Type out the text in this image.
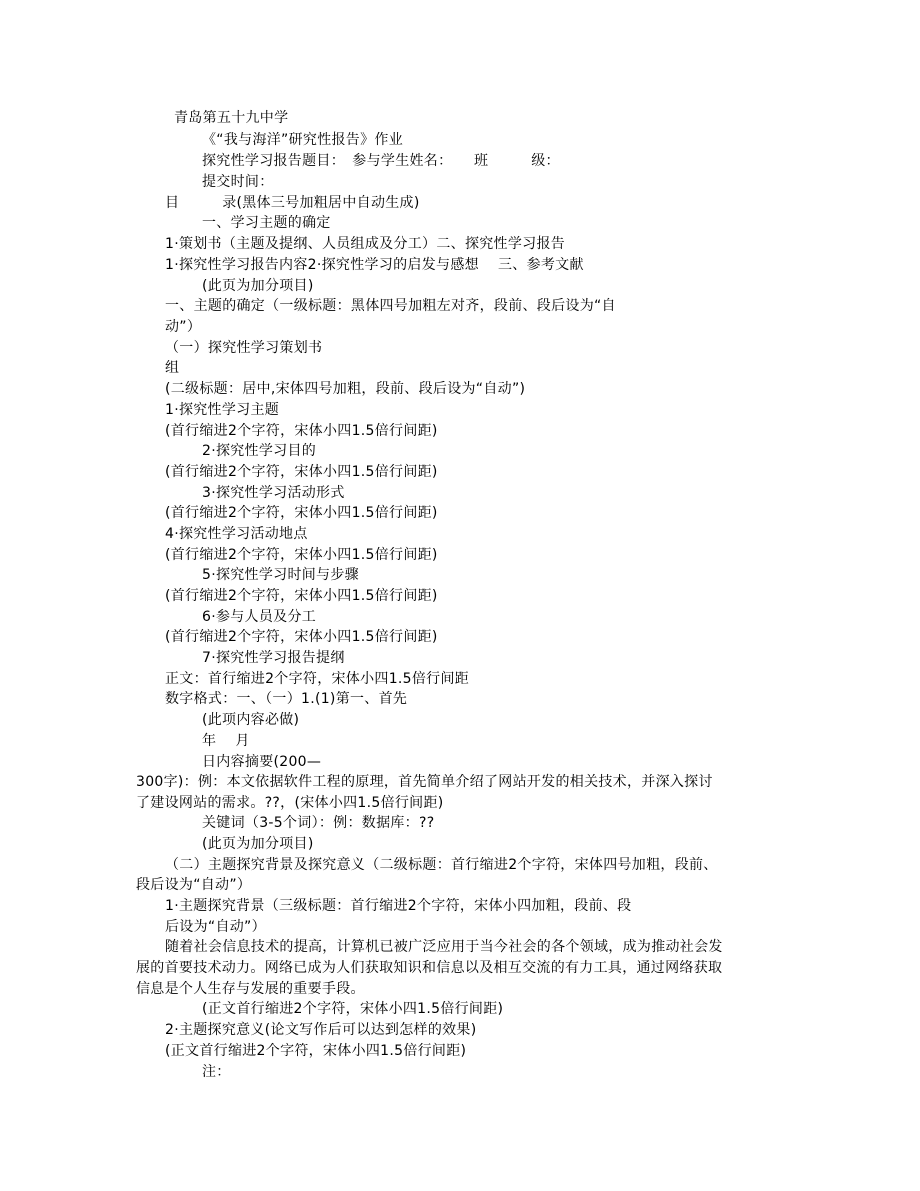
青岛第五十九中学
《“我与海洋”研究性报告》作业
探究性学习报告题目：　参与学生姓名：　　班　　　级：
提交时间：
目　　　录(黑体三号加粗居中自动生成)
一、学习主题的确定
1·策划书（主题及提纲、人员组成及分工）二、探究性学习报告
1·探究性学习报告内容2·探究性学习的启发与感想　 三、参考文献
(此页为加分项目)
一、主题的确定（一级标题：黑体四号加粗左对齐，段前、段后设为“自
动”）
（一）探究性学习策划书
组
(二级标题：居中,宋体四号加粗，段前、段后设为“自动”)
1·探究性学习主题
(首行缩进2个字符，宋体小四1.5倍行间距)
2·探究性学习目的
(首行缩进2个字符，宋体小四1.5倍行间距)
3·探究性学习活动形式
(首行缩进2个字符，宋体小四1.5倍行间距)
4·探究性学习活动地点
(首行缩进2个字符，宋体小四1.5倍行间距)
5·探究性学习时间与步骤
(首行缩进2个字符，宋体小四1.5倍行间距)
6·参与人员及分工
(首行缩进2个字符，宋体小四1.5倍行间距)
7·探究性学习报告提纲
正文：首行缩进2个字符，宋体小四1.5倍行间距
数字格式：一、（一）1.(1)第一、首先
(此项内容必做)
年　 月
日内容摘要(200—
300字)：例：本文依据软件工程的原理，首先简单介绍了网站开发的相关技术，并深入探讨
了建设网站的需求。??，(宋体小四1.5倍行间距)
关键词（3-5个词）：例：数据库：??
(此页为加分项目)
（二）主题探究背景及探究意义（二级标题：首行缩进2个字符，宋体四号加粗，段前、
段后设为“自动”）
1·主题探究背景（三级标题：首行缩进2个字符，宋体小四加粗，段前、段
后设为“自动”）
随着社会信息技术的提高，计算机已被广泛应用于当今社会的各个领域，成为推动社会发
展的首要技术动力。网络已成为人们获取知识和信息以及相互交流的有力工具，通过网络获取
信息是个人生存与发展的重要手段。
(正文首行缩进2个字符，宋体小四1.5倍行间距)
2·主题探究意义(论文写作后可以达到怎样的效果)
(正文首行缩进2个字符，宋体小四1.5倍行间距)
注：
